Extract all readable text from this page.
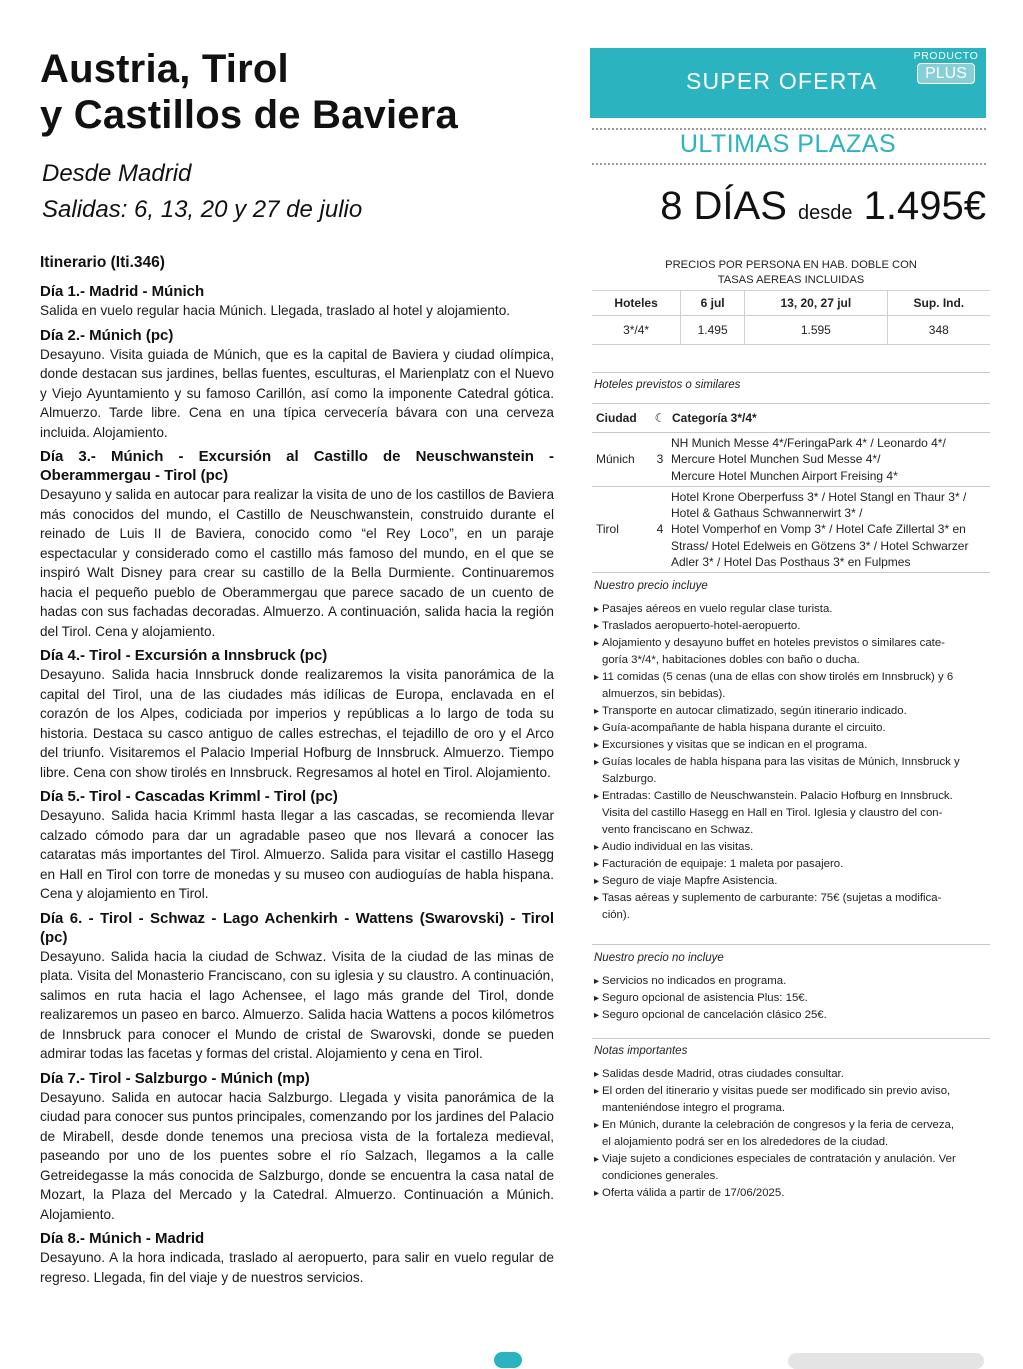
Austria, Tirol
y Castillos de Baviera
Desde Madrid
Salidas: 6, 13, 20 y 27 de julio
Itinerario (Iti.346)

Día 1.- Madrid - Múnich

Salida en vuelo regular hacia Múnich. Llegada, traslado al hotel y alojamiento.

Día 2.- Múnich (pc)

Desayuno. Visita guiada de Múnich, que es la capital de Baviera y ciudad olímpica, donde destacan sus jardines, bellas fuentes, esculturas, el Marienplatz con el Nuevo y Viejo Ayuntamiento y su famoso Carillón, así como la imponente Catedral gótica. Almuerzo. Tarde libre. Cena en una típica cervecería bávara con una cerveza incluida. Alojamiento.

Día 3.- Múnich - Excursión al Castillo de Neuschwanstein - Oberammergau - Tirol (pc)

Desayuno y salida en autocar para realizar la visita de uno de los castillos de Baviera más conocidos del mundo, el Castillo de Neuschwanstein, construido durante el reinado de Luis II de Baviera, conocido como “el Rey Loco”, en un paraje espectacular y considerado como el castillo más famoso del mundo, en el que se inspiró Walt Disney para crear su castillo de la Bella Durmiente. Continuaremos hacia el pequeño pueblo de Oberammergau que parece sacado de un cuento de hadas con sus fachadas decoradas. Almuerzo. A continuación, salida hacia la región del Tirol. Cena y alojamiento.

Día 4.- Tirol - Excursión a Innsbruck (pc)

Desayuno. Salida hacia Innsbruck donde realizaremos la visita panorámica de la capital del Tirol, una de las ciudades más idílicas de Europa, enclavada en el corazón de los Alpes, codiciada por imperios y repúblicas a lo largo de toda su historia. Destaca su casco antiguo de calles estrechas, el tejadillo de oro y el Arco del triunfo. Visitaremos el Palacio Imperial Hofburg de Innsbruck. Almuerzo. Tiempo libre. Cena con show tirolés en Innsbruck. Regresamos al hotel en Tirol. Alojamiento.

Día 5.- Tirol - Cascadas Krimml - Tirol (pc)

Desayuno. Salida hacia Krimml hasta llegar a las cascadas, se recomienda llevar calzado cómodo para dar un agradable paseo que nos llevará a conocer las cataratas más importantes del Tirol. Almuerzo. Salida para visitar el castillo Hasegg en Hall en Tirol con torre de monedas y su museo con audioguías de habla hispana. Cena y alojamiento en Tirol.

Día 6. - Tirol - Schwaz - Lago Achenkirh - Wattens (Swarovski) - Tirol (pc)

Desayuno. Salida hacia la ciudad de Schwaz. Visita de la ciudad de las minas de plata. Visita del Monasterio Franciscano, con su iglesia y su claustro. A continuación, salimos en ruta hacia el lago Achensee, el lago más grande del Tirol, donde realizaremos un paseo en barco. Almuerzo. Salida hacia Wattens a pocos kilómetros de Innsbruck para conocer el Mundo de cristal de Swarovski, donde se pueden admirar todas las facetas y formas del cristal. Alojamiento y cena en Tirol.

Día 7.- Tirol - Salzburgo - Múnich (mp)

Desayuno. Salida en autocar hacia Salzburgo. Llegada y visita panorámica de la ciudad para conocer sus puntos principales, comenzando por los jardines del Palacio de Mirabell, desde donde tenemos una preciosa vista de la fortaleza medieval, paseando por uno de los puentes sobre el río Salzach, llegamos a la calle Getreidegasse la más conocida de Salzburgo, donde se encuentra la casa natal de Mozart, la Plaza del Mercado y la Catedral. Almuerzo. Continuación a Múnich. Alojamiento.

Día 8.- Múnich - Madrid

Desayuno. A la hora indicada, traslado al aeropuerto, para salir en vuelo regular de regreso. Llegada, fin del viaje y de nuestros servicios.

SUPER OFERTA
PRODUCTO
PLUS
ULTIMAS PLAZAS
8 DÍAS desde 1.495€
PRECIOS POR PERSONA EN HAB. DOBLE CON
TASAS AEREAS INCLUIDAS
Hoteles	6 jul	13, 20, 27 jul	Sup. Ind.
3*/4*	1.495	1.595	348
Hoteles previstos o similares
Ciudad	☾	Categoría 3*/4*
Múnich	3	NH Munich Messe 4*/FeringaPark 4* / Leonardo 4*/
Mercure Hotel Munchen Sud Messe 4*/
Mercure Hotel Munchen Airport Freising 4*

Tirol	4	Hotel Krone Oberperfuss 3* / Hotel Stangl en Thaur 3* /
Hotel & Gathaus Schwannerwirt 3* /
Hotel Vomperhof en Vomp 3* / Hotel Cafe Zillertal 3* en
Strass/ Hotel Edelweis en Götzens 3* / Hotel Schwarzer
Adler 3* / Hotel Das Posthaus 3* en Fulpmes
Nuestro precio incluye
▸ Pasajes aéreos en vuelo regular clase turista.
▸ Traslados aeropuerto-hotel-aeropuerto.
▸ Alojamiento y desayuno buffet en hoteles previstos o similares cate-
goría 3*/4*, habitaciones dobles con baño o ducha.
▸ 11 comidas (5 cenas (una de ellas con show tirolés em Innsbruck) y 6
almuerzos, sin bebidas).
▸ Transporte en autocar climatizado, según itinerario indicado.
▸ Guía-acompañante de habla hispana durante el circuito.
▸ Excursiones y visitas que se indican en el programa.
▸ Guías locales de habla hispana para las visitas de Múnich, Innsbruck y
Salzburgo.
▸ Entradas: Castillo de Neuschwanstein. Palacio Hofburg en Innsbruck.
Visita del castillo Hasegg en Hall en Tirol. Iglesia y claustro del con-
vento franciscano en Schwaz.
▸ Audio individual en las visitas.
▸ Facturación de equipaje: 1 maleta por pasajero.
▸ Seguro de viaje Mapfre Asistencia.
▸ Tasas aéreas y suplemento de carburante: 75€ (sujetas a modifica-
ción).
Nuestro precio no incluye
▸ Servicios no indicados en programa.
▸ Seguro opcional de asistencia Plus: 15€.
▸ Seguro opcional de cancelación clásico 25€.
Notas importantes
▸ Salidas desde Madrid, otras ciudades consultar.
▸ El orden del itinerario y visitas puede ser modificado sin previo aviso,
manteniéndose integro el programa.
▸ En Múnich, durante la celebración de congresos y la feria de cerveza,
el alojamiento podrá ser en los alrededores de la ciudad.
▸ Viaje sujeto a condiciones especiales de contratación y anulación. Ver
condiciones generales.
▸ Oferta válida a partir de 17/06/2025.
